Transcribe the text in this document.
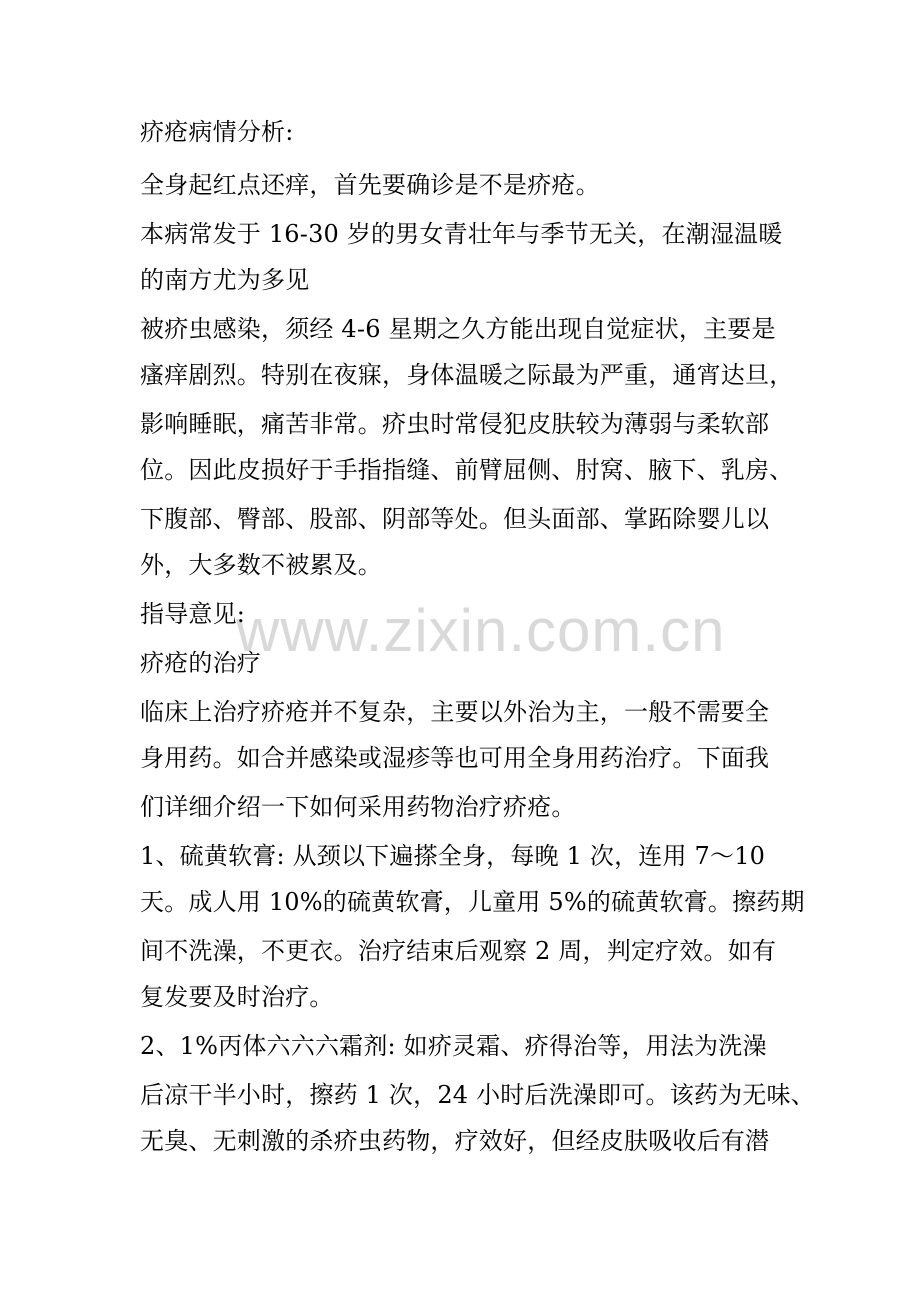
www.zixin.com.cn
疥疮病情分析:
全身起红点还痒，首先要确诊是不是疥疮。
本病常发于 16-30 岁的男女青壮年与季节无关，在潮湿温暖
的南方尤为多见
被疥虫感染，须经 4-6 星期之久方能出现自觉症状，主要是
瘙痒剧烈。特别在夜寐，身体温暖之际最为严重，通宵达旦，
影响睡眠，痛苦非常。疥虫时常侵犯皮肤较为薄弱与柔软部
位。因此皮损好于手指指缝、前臂屈侧、肘窝、腋下、乳房、
下腹部、臀部、股部、阴部等处。但头面部、掌跖除婴儿以
外，大多数不被累及。
指导意见:
疥疮的治疗
临床上治疗疥疮并不复杂，主要以外治为主，一般不需要全
身用药。如合并感染或湿疹等也可用全身用药治疗。下面我
们详细介绍一下如何采用药物治疗疥疮。
1、硫黄软膏: 从颈以下遍搽全身，每晚 1 次，连用 7～10
天。成人用 10%的硫黄软膏，儿童用 5%的硫黄软膏。擦药期
间不洗澡，不更衣。治疗结束后观察 2 周，判定疗效。如有
复发要及时治疗。
2、1%丙体六六六霜剂: 如疥灵霜、疥得治等，用法为洗澡
后凉干半小时，擦药 1 次，24 小时后洗澡即可。该药为无味、
无臭、无刺激的杀疥虫药物，疗效好，但经皮肤吸收后有潜
